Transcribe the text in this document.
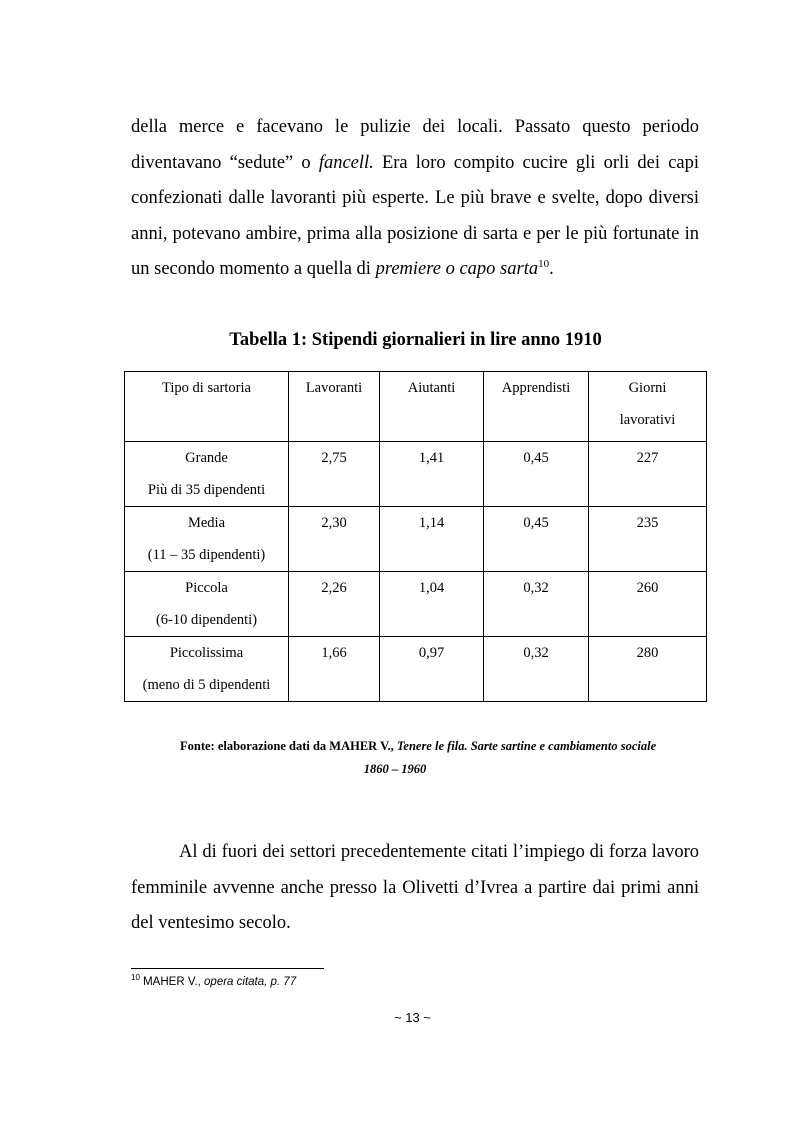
della merce e facevano le pulizie dei locali. Passato questo periodo diventavano “sedute” o fancell. Era loro compito cucire gli orli dei capi confezionati dalle lavoranti più esperte. Le più brave e svelte, dopo diversi anni, potevano ambire, prima alla posizione di sarta e per le più fortunate in un secondo momento a quella di premiere o capo sarta$^{10}$.

Tabella 1: Stipendi giornalieri in lire anno 1910

Tipo di sartoria	Lavoranti	Aiutanti	Apprendisti	Giorni
lavorativi

Grande
Più di 35 dipendenti	2,75	1,41	0,45	227

Media
(11 – 35 dipendenti)	2,30	1,14	0,45	235

Piccola
(6-10 dipendenti)	2,26	1,04	0,32	260

Piccolissima
(meno di 5 dipendenti	1,66	0,97	0,32	280

Fonte: elaborazione dati da MAHER V., Tenere le fila. Sarte sartine e cambiamento sociale
1860 – 1960

Al di fuori dei settori precedentemente citati l’impiego di forza lavoro femminile avvenne anche presso la Olivetti d’Ivrea a partire dai primi anni del ventesimo secolo.

$^{10}$ MAHER V., opera citata, p. 77

~ 13 ~
